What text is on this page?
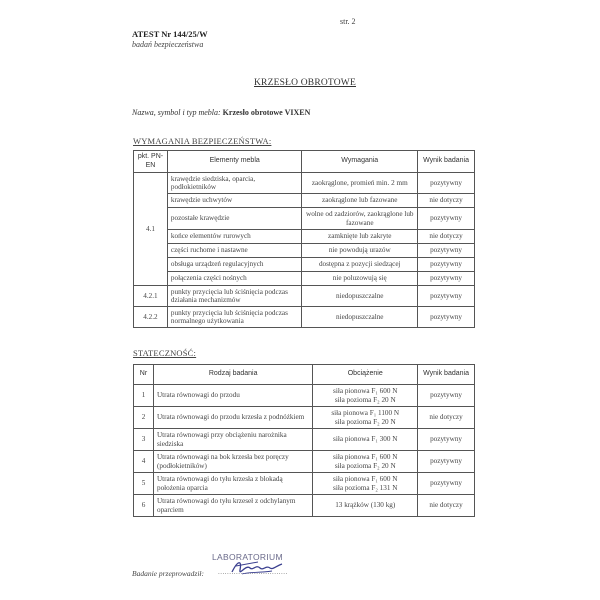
str. 2
ATEST Nr 144/25/W
badań bezpieczeństwa
KRZESŁO OBROTOWE
Nazwa, symbol i typ mebla: Krzesło obrotowe VIXEN
WYMAGANIA BEZPIECZEŃSTWA:
pkt. PN-EN	Elementy mebla	Wymagania	Wynik badania
4.1	krawędzie siedziska, oparcia, podłokietników	zaokrąglone, promień min. 2 mm	pozytywny
	krawędzie uchwytów	zaokrąglone lub fazowane	nie dotyczy
	pozostałe krawędzie	wolne od zadziorów, zaokrąglone lub fazowane	pozytywny
	końce elementów rurowych	zamknięte lub zakryte	nie dotyczy
	części ruchome i nastawne	nie powodują urazów	pozytywny
	obsługa urządzeń regulacyjnych	dostępna z pozycji siedzącej	pozytywny
	połączenia części nośnych	nie poluzowują się	pozytywny
4.2.1	punkty przycięcia lub ściśnięcia podczas działania mechanizmów	niedopuszczalne	pozytywny
4.2.2	punkty przycięcia lub ściśnięcia podczas normalnego użytkowania	niedopuszczalne	pozytywny
STATECZNOŚĆ:
Nr	Rodzaj badania	Obciążenie	Wynik badania
1	Utrata równowagi do przodu	siła pionowa F₁ 600 N
siła pozioma F₂ 20 N	pozytywny
2	Utrata równowagi do przodu krzesła z podnóżkiem	siła pionowa F₁ 1100 N
siła pozioma F₂ 20 N	nie dotyczy
3	Utrata równowagi przy obciążeniu narożnika siedziska	siła pionowa F₁ 300 N	pozytywny
4	Utrata równowagi na bok krzesła bez poręczy (podłokietników)	siła pionowa F₁ 600 N
siła pozioma F₂ 20 N	pozytywny
5	Utrata równowagi do tyłu krzesła z blokadą położenia oparcia	siła pionowa F₁ 600 N
siła pozioma F₂ 131 N	pozytywny
6	Utrata równowagi do tyłu krzeseł z odchylanym oparciem	13 krążków (130 kg)	nie dotyczy
LABORATORIUM
Badanie przeprowadził: ...............................
